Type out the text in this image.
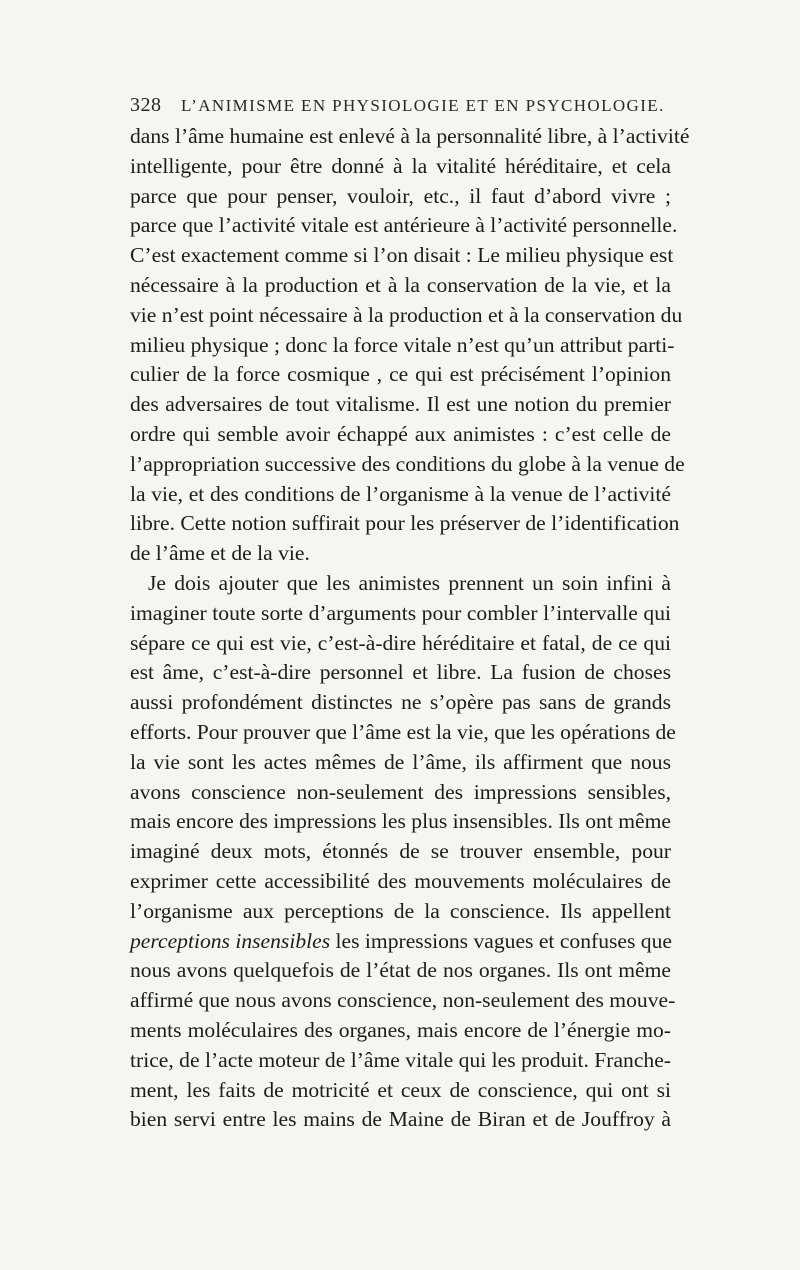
328 L’ANIMISME EN PHYSIOLOGIE ET EN PSYCHOLOGIE.
dans l’âme humaine est enlevé à la personnalité libre, à l’activité
intelligente, pour être donné à la vitalité héréditaire, et cela
parce que pour penser, vouloir, etc., il faut d’abord vivre ;
parce que l’activité vitale est antérieure à l’activité personnelle.
C’est exactement comme si l’on disait : Le milieu physique est
nécessaire à la production et à la conservation de la vie, et la
vie n’est point nécessaire à la production et à la conservation du
milieu physique ; donc la force vitale n’est qu’un attribut parti-
culier de la force cosmique , ce qui est précisément l’opinion
des adversaires de tout vitalisme. Il est une notion du premier
ordre qui semble avoir échappé aux animistes : c’est celle de
l’appropriation successive des conditions du globe à la venue de
la vie, et des conditions de l’organisme à la venue de l’activité
libre. Cette notion suffirait pour les préserver de l’identification
de l’âme et de la vie.
Je dois ajouter que les animistes prennent un soin infini à
imaginer toute sorte d’arguments pour combler l’intervalle qui
sépare ce qui est vie, c’est-à-dire héréditaire et fatal, de ce qui
est âme, c’est-à-dire personnel et libre. La fusion de choses
aussi profondément distinctes ne s’opère pas sans de grands
efforts. Pour prouver que l’âme est la vie, que les opérations de
la vie sont les actes mêmes de l’âme, ils affirment que nous
avons conscience non-seulement des impressions sensibles,
mais encore des impressions les plus insensibles. Ils ont même
imaginé deux mots, étonnés de se trouver ensemble, pour
exprimer cette accessibilité des mouvements moléculaires de
l’organisme aux perceptions de la conscience. Ils appellent
perceptions insensibles les impressions vagues et confuses que
nous avons quelquefois de l’état de nos organes. Ils ont même
affirmé que nous avons conscience, non-seulement des mouve-
ments moléculaires des organes, mais encore de l’énergie mo-
trice, de l’acte moteur de l’âme vitale qui les produit. Franche-
ment, les faits de motricité et ceux de conscience, qui ont si
bien servi entre les mains de Maine de Biran et de Jouffroy à
